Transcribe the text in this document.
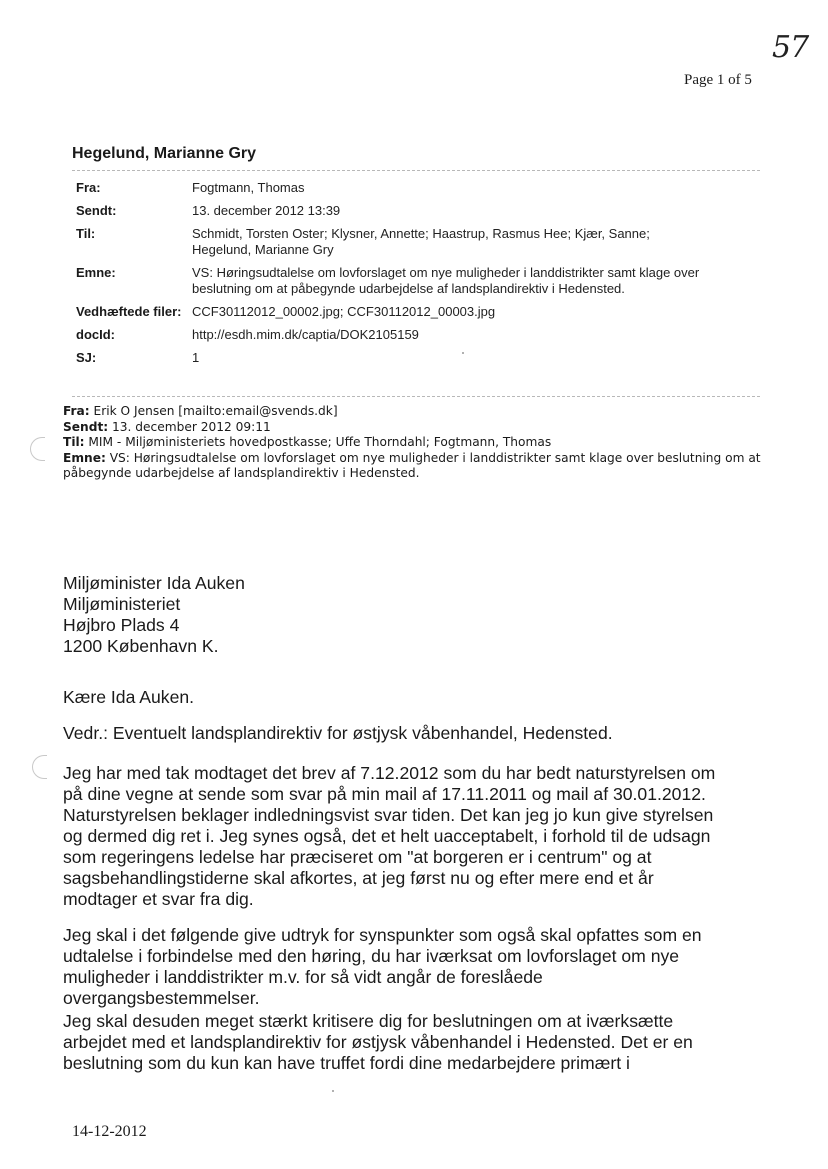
57
Page 1 of 5
Hegelund, Marianne Gry
Fra:	Fogtmann, Thomas
Sendt:	13. december 2012 13:39
Til:	Schmidt, Torsten Oster; Klysner, Annette; Haastrup, Rasmus Hee; Kjær, Sanne;
Hegelund, Marianne Gry
Emne:	VS: Høringsudtalelse om lovforslaget om nye muligheder i landdistrikter samt klage over
beslutning om at påbegynde udarbejdelse af landsplandirektiv i Hedensted.
Vedhæftede filer: CCF30112012_00002.jpg; CCF30112012_00003.jpg
docId:	http://esdh.mim.dk/captia/DOK2105159
SJ:	1
Fra: Erik O Jensen [mailto:email@svends.dk]
Sendt: 13. december 2012 09:11
Til: MIM - Miljøministeriets hovedpostkasse; Uffe Thorndahl; Fogtmann, Thomas
Emne: VS: Høringsudtalelse om lovforslaget om nye muligheder i landdistrikter samt klage over beslutning om at
påbegynde udarbejdelse af landsplandirektiv i Hedensted.
Miljøminister Ida Auken
Miljøministeriet
Højbro Plads 4
1200 København K.
Kære Ida Auken.
Vedr.: Eventuelt landsplandirektiv for østjysk våbenhandel, Hedensted.
Jeg har med tak modtaget det brev af 7.12.2012 som du har bedt naturstyrelsen om
på dine vegne at sende som svar på min mail af 17.11.2011 og mail af 30.01.2012.
Naturstyrelsen beklager indledningsvist svar tiden. Det kan jeg jo kun give styrelsen
og dermed dig ret i. Jeg synes også, det et helt uacceptabelt, i forhold til de udsagn
som regeringens ledelse har præciseret om "at borgeren er i centrum" og at
sagsbehandlingstiderne skal afkortes, at jeg først nu og efter mere end et år
modtager et svar fra dig.
Jeg skal i det følgende give udtryk for synspunkter som også skal opfattes som en
udtalelse i forbindelse med den høring, du har iværksat om lovforslaget om nye
muligheder i landdistrikter m.v. for så vidt angår de foreslåede
overgangsbestemmelser.
Jeg skal desuden meget stærkt kritisere dig for beslutningen om at iværksætte
arbejdet med et landsplandirektiv for østjysk våbenhandel i Hedensted. Det er en
beslutning som du kun kan have truffet fordi dine medarbejdere primært i
14-12-2012
